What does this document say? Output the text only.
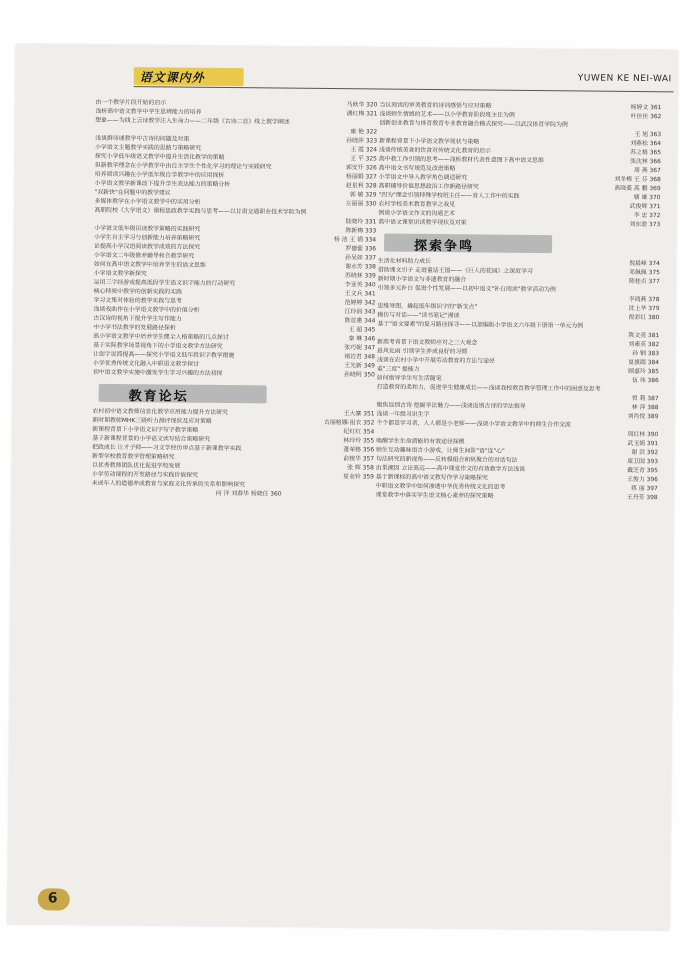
语文课内外	YUWEN KE NEI-WAI
由一个教学片段开始的启示	马秋华 320
浅析高中语文教学中学生思辨能力的培养	潘红梅 321
想象——为线上云诗教学注入生命力——二年级《古诗二首》线上教学阐述
康 艳 322
浅谈群诗诵教学中古诗的问题及对策	孙晓萍 323
小学语文主题教学实践的思路与策略研究	王 霞 324
探究小学低年级语文教学中提升生活化教学的策略	王 平 325
但新教学理念在小学教学中由自主学生个性化学习的理论与实践研究	郭安开 326
培养阅读兴趣在小学低年级自学教学中的应用探析	杨丽娟 327
小学语文教学新课改下提升学生表达能力的策略分析	赵星利 328
"双新快"在问题中的教学建议	郭 敏 329
多媒体教学在小学语文教学中的实用分析	左丽丽 330
高职院校《大学语文》课程思政教学实践与思考——以甘肃交通职业技术学院为例
陆晓玲 331
小学语文低年级识读教学策略的实践研究	陈新梅 333
小学生自主学习与创新能力培养策略研究	杨 洁 王 娟 334
论提高小学汉语阅读教学成效的方法探究	罗德蕾 336
小学语文二年级修养辅导和合教学研究	孙吴如 337
如何在高中语文教学中培养学生的语文思维	谢水芳 338
小学语文教学新探究	苏晓林 339
运用三字经游戏提高低段学生语文识字能力的行动研究	李亚英 340
核心特质中教学的创新实践的实践	王文兵 341
学习文集对体验的教学实践与思考	范婷婷 342
浅谈戏曲作在小学语文教学中的价值分析	江玲润 343
古汉诗的视角下提升学生写作能力	陈首惠 344
中小学书法教学的发展路径探析	王 超 345
高小学语文教学中培养学生健全人格策略的几点探讨	秦 琳 346
基于实际教学场景视角下的小学语文教学方法研究	张巧妮 347
让创字说简提高——探究小学语文低年段识字教学措施	褚岩君 348
小学优秀传统文化融入中职语文教学探讨	王光新 349
初中语文教学实施中激发学生学习兴趣的方法初探	孙晓明 350
教育论坛
农村初中语文教师信息化教学应用能力提升方法研究	王大寨 351
新时期教师MHK三级听力测评现状及应对策略	古丽格娜·祖衣 352
新课程背景下小学语文识字写字教学策略	纪红红 354
基于新课程背景的小学语文读写结合策略研究	林玲玲 355
把政成长 让才子师——习文学经历审点基于新课教学实践	董荣格 356
新型学校教育教学管理策略研究	俞棱华 357
以优秀教师团队优化促进学校发展	张 辉 358
小学劳动课程的开发路径与实践价值探究	夏金铃 359
未成年人的道德养成教育与家庭文化传承的关系和影响探究
何 洋 刘春华 杨晓任 360
当议阅读的审美教育的诗词感悟与应对策略	杨婷文 361
浅谈师生情感的艺术——以小学教育阶段班主任为例	叶佳佳 362
创新创业教育与体育教育专业教育融合模式探究——以武汉体育学院为例
王 旭 363
新课程背景下小学语文教学现状与策略	刘燕松 364
浅谈传统美食的饮食对传统文化教育的启示	苏之格 365
高中教工作引领的思考——浅析教材代表性意图下高中语文思维	张沈林 366
高中语文书写规范及改进策略	周 燕 367
小学语文中导入教学角色调适研究	刘冬梅 王 芬 368
高职辅导价值思想政治工作新路径研究	高晓菱 高 鹏 369
"四为"理念引领特殊学校班主任——育人工作中的实践	辖 雄 370
农村学校美术教育教学之我见	武俊辉 371
例谈小学语文作文的沟通艺术	李 忠 372
高中语文课堂识读教学现状及对策	刘东盈 373
探索争鸣
生活化材料助力成长	倪晨峰 374
借助课文引子 走进童话王国——《巨人的花园》之深度学习	邓佩佩 375
新时期小学语文与非遗教育的融合	陈桂贞 377
引领多元补白 促进个性发展——以初中语文"补白阅读"教学活动为例
李鸿燕 378
思维导图，撬起低年级识字的"新支点"	沈上华 379
模仿与对话——"读书笔记"漫谈	倪彩红 380
基于"语文要素"的复习路径探寻——以部编版小学语文六年级下册第一单元为例
陈文亮 381
新高考背景下语文教师应对之三大观念	刘素英 382
悬风化雨 引领学生养成良好的习惯	孙 钢 383
浅谈在农村小学中开展劳动教育的方法与途径	夏旗圆 384
重"三度" 提能力	顾嘉玲 385
如何指导学生写生活随笔	伍 伟 386
打造教育的柔和力，促进学生健康成长——浅谈我校教育教学管理工作中的困惑及思考
曾 莉 387
聚焦返别古诗 挖掘学法魅力——浅谈返别古诗的学法指导	林 萍 388
浅谈一年级习识生字	刘肖悦 389
个个都是学习者，人人都是小老师——浅谈小学语文教学中的师生合作交流
周红林 390
唤醒学生生命潜能的有效途径探微	武玉娟 391
师生互动趣味语言小游戏，让师生间阶"语"连"心"	谢 洪 392
句法研究的新视角——反转模组合和纵聚合的对话句法	庞卫国 393
由果溯因 立论高远——高中课堂作文的有效教学方法浅谈	戴芝青 395
基于新课标的高中语文教写作学习策略探究	王俊力 396
中职语文教学中如何渗透中华优秀传统文化的思考	蒋 丽 397
课堂教学中落实学生语文核心素养的探究策略	王丹芳 398
6
